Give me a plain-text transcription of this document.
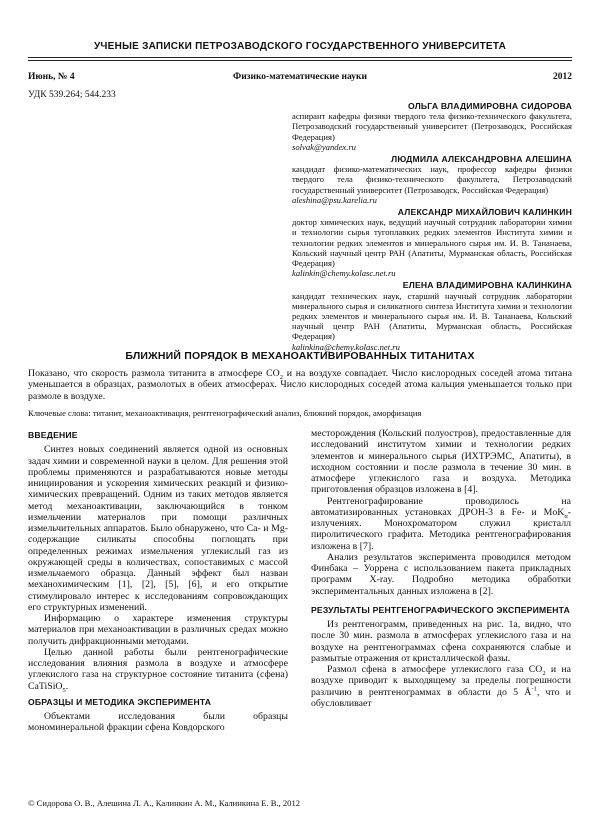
УЧЕНЫЕ ЗАПИСКИ ПЕТРОЗАВОДСКОГО ГОСУДАРСТВЕННОГО УНИВЕРСИТЕТА
Физико-математические науки
Июнь, № 4	2012
УДК 539.264; 544.233
ОЛЬГА ВЛАДИМИРОВНА СИДОРОВА
аспирант кафедры физики твердого тела физико-технического факультета, Петрозаводский государственный университет (Петрозаводск, Российская Федерация)
solvak@yandex.ru
ЛЮДМИЛА АЛЕКСАНДРОВНА АЛЕШИНА
кандидат физико-математических наук, профессор кафедры физики твердого тела физико-технического факультета, Петрозаводский государственный университет (Петрозаводск, Российская Федерация)
aleshina@psu.karelia.ru
АЛЕКСАНДР МИХАЙЛОВИЧ КАЛИНКИН
доктор химических наук, ведущий научный сотрудник лаборатории химии и технологии сырья тугоплавких редких элементов Института химии и технологии редких элементов и минерального сырья им. И. В. Тананаева, Кольский научный центр РАН (Апатиты, Мурманская область, Российская Федерация)
kalinkin@chemy.kolasc.net.ru
ЕЛЕНА ВЛАДИМИРОВНА КАЛИНКИНА
кандидат технических наук, старший научный сотрудник лаборатории минерального сырья и силикатного синтеза Института химии и технологии редких элементов и минерального сырья им. И. В. Тананаева, Кольский научный центр РАН (Апатиты, Мурманская область, Российская Федерация)
kalinkina@chemy.kolasc.net.ru
БЛИЖНИЙ ПОРЯДОК В МЕХАНОАКТИВИРОВАННЫХ ТИТАНИТАХ
Показано, что скорость размола титанита в атмосфере $CO_2$ и на воздухе совпадает. Число кислородных соседей атома титана уменьшается в образцах, размолотых в обеих атмосферах. Число кислородных соседей атома кальция уменьшается только при размоле в воздухе.
Ключевые слова: титанит, механоактивация, рентгенографический анализ, ближний порядок, аморфизация
ВВЕДЕНИЕ

Синтез новых соединений является одной из основных задач химии и современной науки в целом. Для решения этой проблемы применяются и разрабатываются новые методы инициирования и ускорения химических реакций и физико-химических превращений. Одним из таких методов является метод механоактивации, заключающийся в тонком измельчении материалов при помощи различных измельчительных аппаратов. Было обнаружено, что Ca- и Mg-содержащие силикаты способны поглощать при определенных режимах измельчения углекислый газ из окружающей среды в количествах, сопоставимых с массой измельчаемого образца. Данный эффект был назван механохимическим [1], [2], [5], [6], и его открытие стимулировало интерес к исследованиям сопровождающих его структурных изменений.

Информацию о характере изменения структуры материалов при механоактивации в различных средах можно получить дифракционными методами.

Целью данной работы были рентгенографические исследования влияния размола в воздухе и атмосфере углекислого газа на структурное состояние титанита (сфена) CaTiSiO$_5$.

ОБРАЗЦЫ И МЕТОДИКА ЭКСПЕРИМЕНТА

Объектами исследования были образцы мономинеральной фракции сфена Ковдорского

месторождения (Кольский полуостров), предоставленные для исследований институтом химии и технологии редких элементов и минерального сырья (ИХТРЭМС, Апатиты), в исходном состоянии и после размола в течение 30 мин. в атмосфере углекислого газа и воздуха. Методика приготовления образцов изложена в [4].

Рентгенографирование проводилось на автоматизированных установках ДРОН-3 в Fe- и MoK$_\alpha$-излучениях. Монохроматором служил кристалл пиролитического графита. Методика рентгенографирования изложена в [7].

Анализ результатов эксперимента проводился методом Финбака – Уоррена с использованием пакета прикладных программ X-ray. Подробно методика обработки экспериментальных данных изложена в [2].

РЕЗУЛЬТАТЫ РЕНТГЕНОГРАФИЧЕСКОГО ЭКСПЕРИМЕНТА

Из рентгенограмм, приведенных на рис. 1а, видно, что после 30 мин. размола в атмосферах углекислого газа и на воздухе на рентгенограммах сфена сохраняются слабые и размытые отражения от кристаллической фазы.

Размол сфена в атмосфере углекислого газа $CO_2$ и на воздухе приводит к выходящему за пределы погрешности различию в рентгенограммах в области до 5 $Å^{-1}$, что и обусловливает

© Сидорова О. В., Алешина Л. А., Калинкин А. М., Калинкина Е. В., 2012
